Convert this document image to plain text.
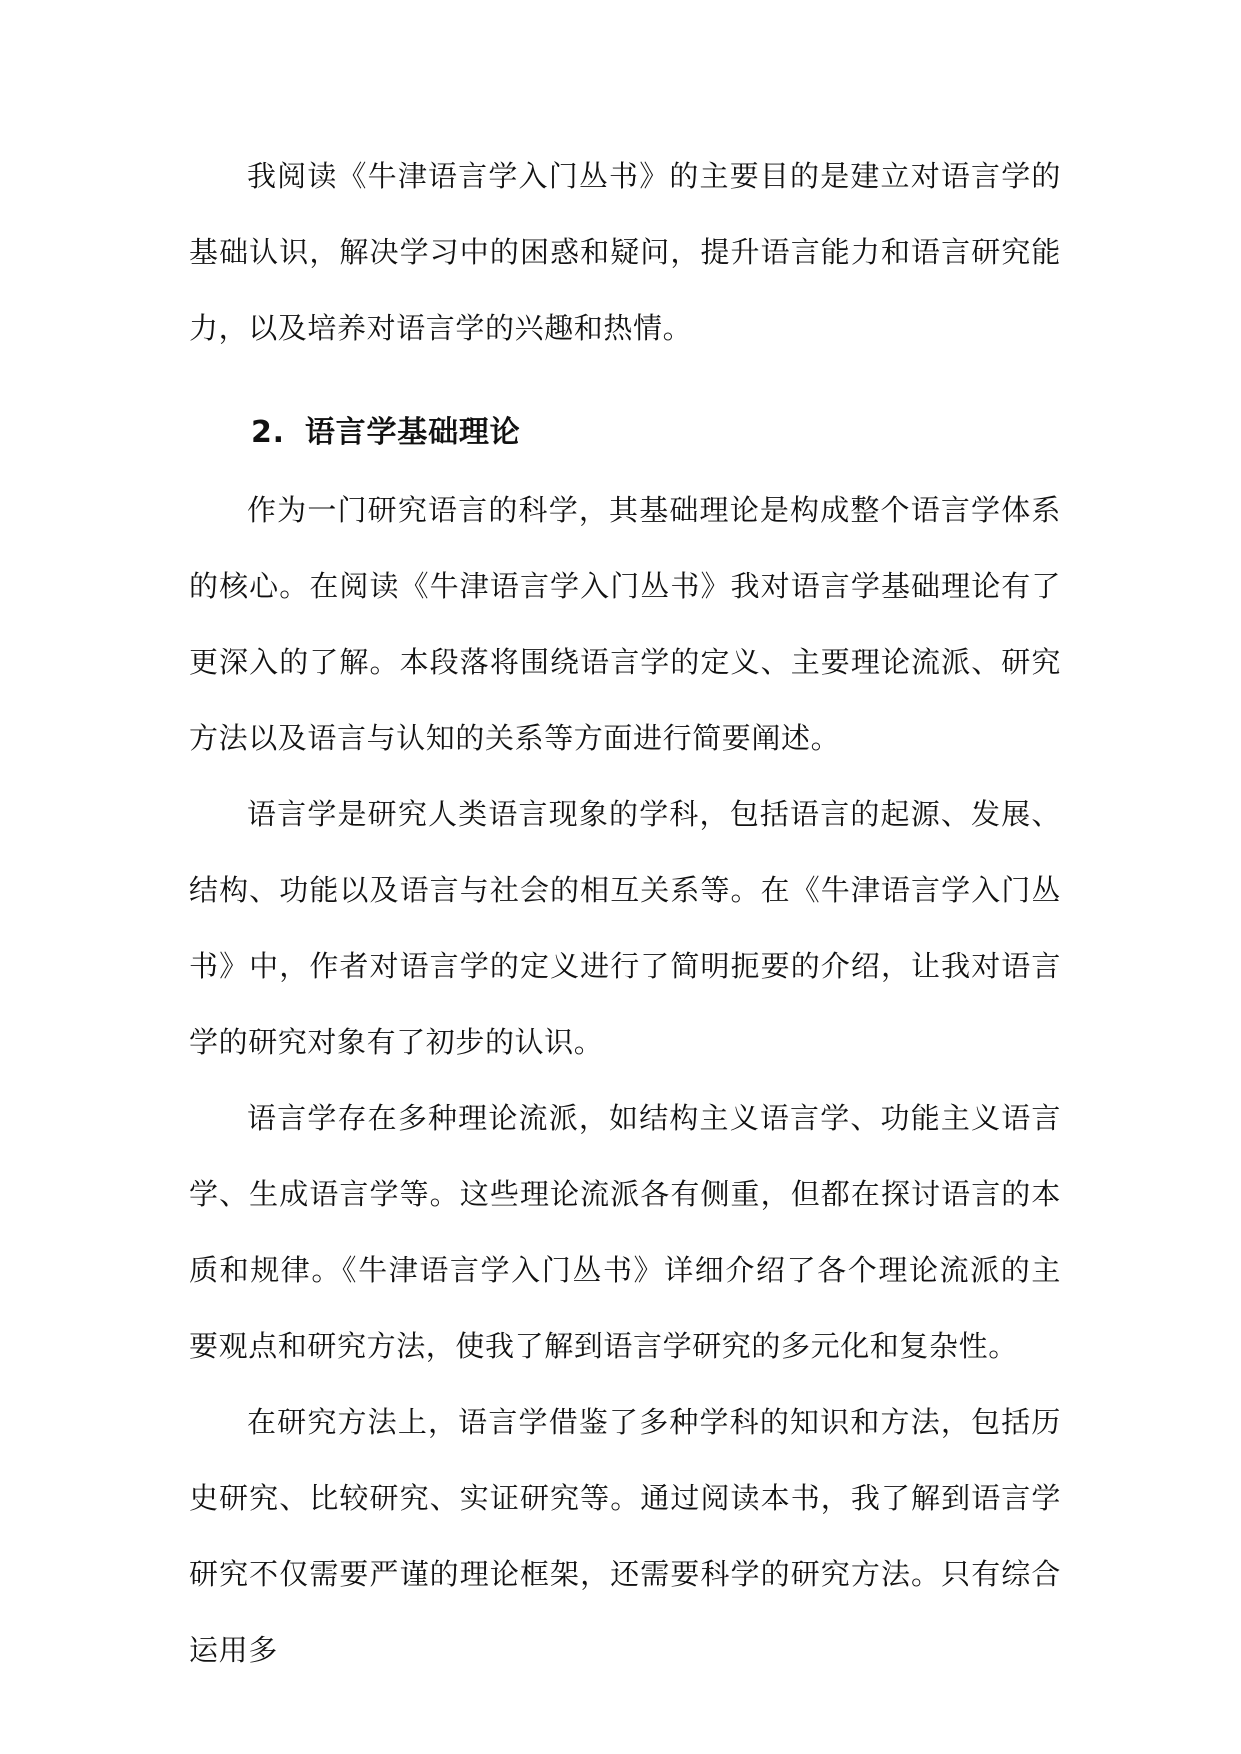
我阅读《牛津语言学入门丛书》的主要目的是建立对语言学的基础认识，解决学习中的困惑和疑问，提升语言能力和语言研究能力，以及培养对语言学的兴趣和热情。

2. 语言学基础理论

作为一门研究语言的科学，其基础理论是构成整个语言学体系的核心。在阅读《牛津语言学入门丛书》我对语言学基础理论有了更深入的了解。本段落将围绕语言学的定义、主要理论流派、研究方法以及语言与认知的关系等方面进行简要阐述。

语言学是研究人类语言现象的学科，包括语言的起源、发展、结构、功能以及语言与社会的相互关系等。在《牛津语言学入门丛书》中，作者对语言学的定义进行了简明扼要的介绍，让我对语言学的研究对象有了初步的认识。

语言学存在多种理论流派，如结构主义语言学、功能主义语言学、生成语言学等。这些理论流派各有侧重，但都在探讨语言的本质和规律。《牛津语言学入门丛书》详细介绍了各个理论流派的主要观点和研究方法，使我了解到语言学研究的多元化和复杂性。

在研究方法上，语言学借鉴了多种学科的知识和方法，包括历史研究、比较研究、实证研究等。通过阅读本书，我了解到语言学研究不仅需要严谨的理论框架，还需要科学的研究方法。只有综合运用多
